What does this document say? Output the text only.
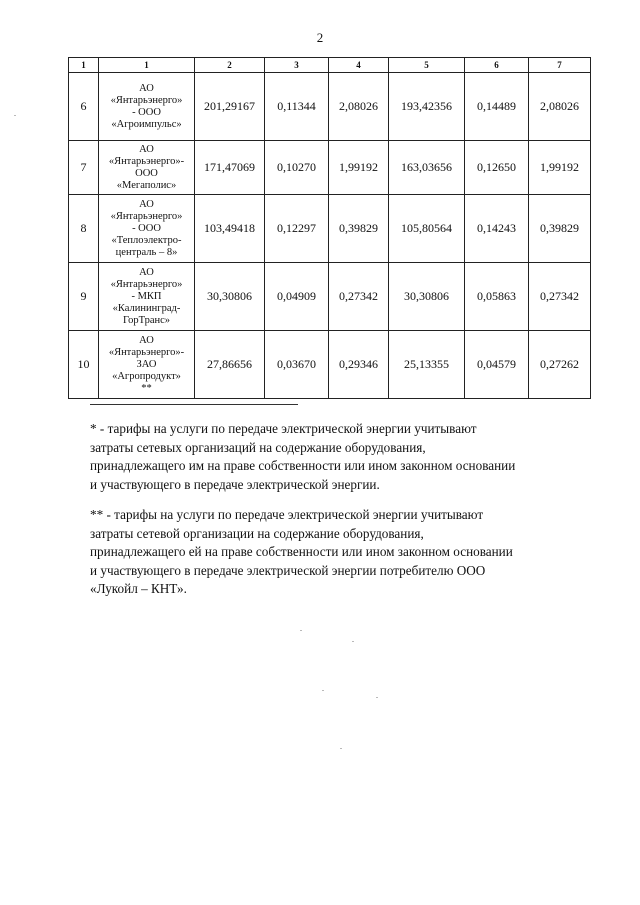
2
1	1	2	3	4	5	6	7
6	АО
«Янтарьэнерго»
- ООО
«Агроимпульс»	201,29167	0,11344	2,08026	193,42356	0,14489	2,08026
7	АО
«Янтарьэнерго»-
ООО
«Мегаполис»	171,47069	0,10270	1,99192	163,03656	0,12650	1,99192
8	АО
«Янтарьэнерго»
- ООО
«Теплоэлектро-
централь – 8»	103,49418	0,12297	0,39829	105,80564	0,14243	0,39829
9	АО
«Янтарьэнерго»
- МКП
«Калининград-
ГорТранс»	30,30806	0,04909	0,27342	30,30806	0,05863	0,27342
10	АО
«Янтарьэнерго»-
ЗАО
«Агропродукт»
**	27,86656	0,03670	0,29346	25,13355	0,04579	0,27262
* - тарифы на услуги по передаче электрической энергии учитывают
затраты сетевых организаций на содержание оборудования,
принадлежащего им на праве собственности или ином законном основании
и участвующего в передаче электрической энергии.
** - тарифы на услуги по передаче электрической энергии учитывают
затраты сетевой организации на содержание оборудования,
принадлежащего ей на праве собственности или ином законном основании
и участвующего в передаче электрической энергии потребителю ООО
«Лукойл – КНТ».
